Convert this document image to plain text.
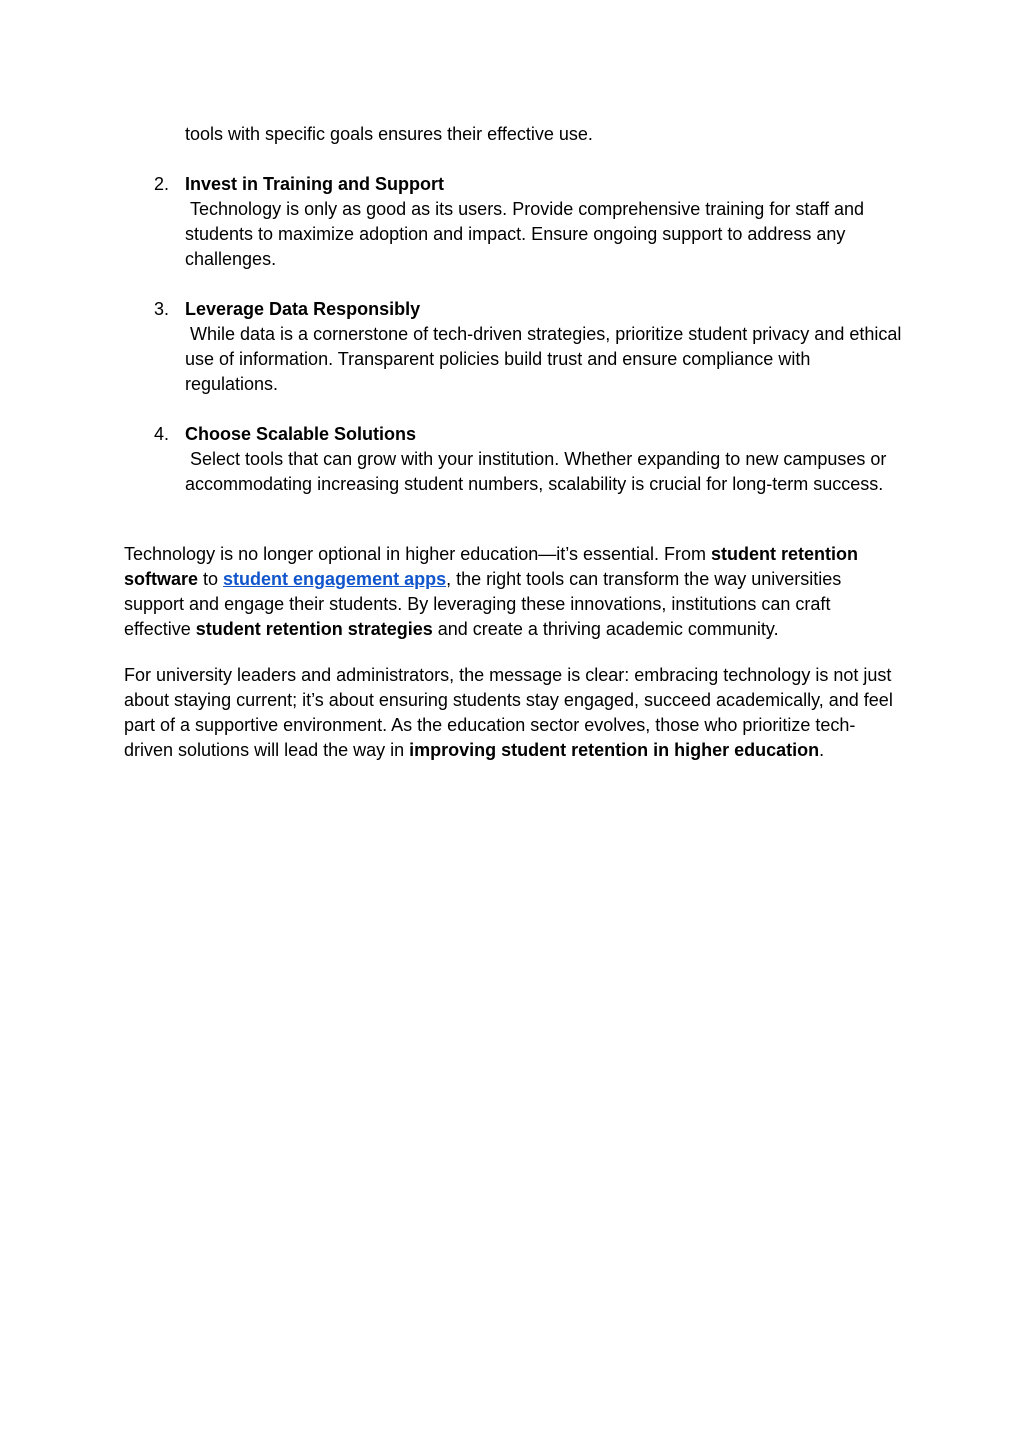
tools with specific goals ensures their effective use.

2. Invest in Training and Support
Technology is only as good as its users. Provide comprehensive training for staff and students to maximize adoption and impact. Ensure ongoing support to address any challenges.
3. Leverage Data Responsibly
While data is a cornerstone of tech-driven strategies, prioritize student privacy and ethical use of information. Transparent policies build trust and ensure compliance with regulations.
4. Choose Scalable Solutions
Select tools that can grow with your institution. Whether expanding to new campuses or accommodating increasing student numbers, scalability is crucial for long-term success.

Technology is no longer optional in higher education—it’s essential. From student retention software to student engagement apps, the right tools can transform the way universities support and engage their students. By leveraging these innovations, institutions can craft effective student retention strategies and create a thriving academic community.

For university leaders and administrators, the message is clear: embracing technology is not just about staying current; it’s about ensuring students stay engaged, succeed academically, and feel part of a supportive environment. As the education sector evolves, those who prioritize tech-driven solutions will lead the way in improving student retention in higher education.
